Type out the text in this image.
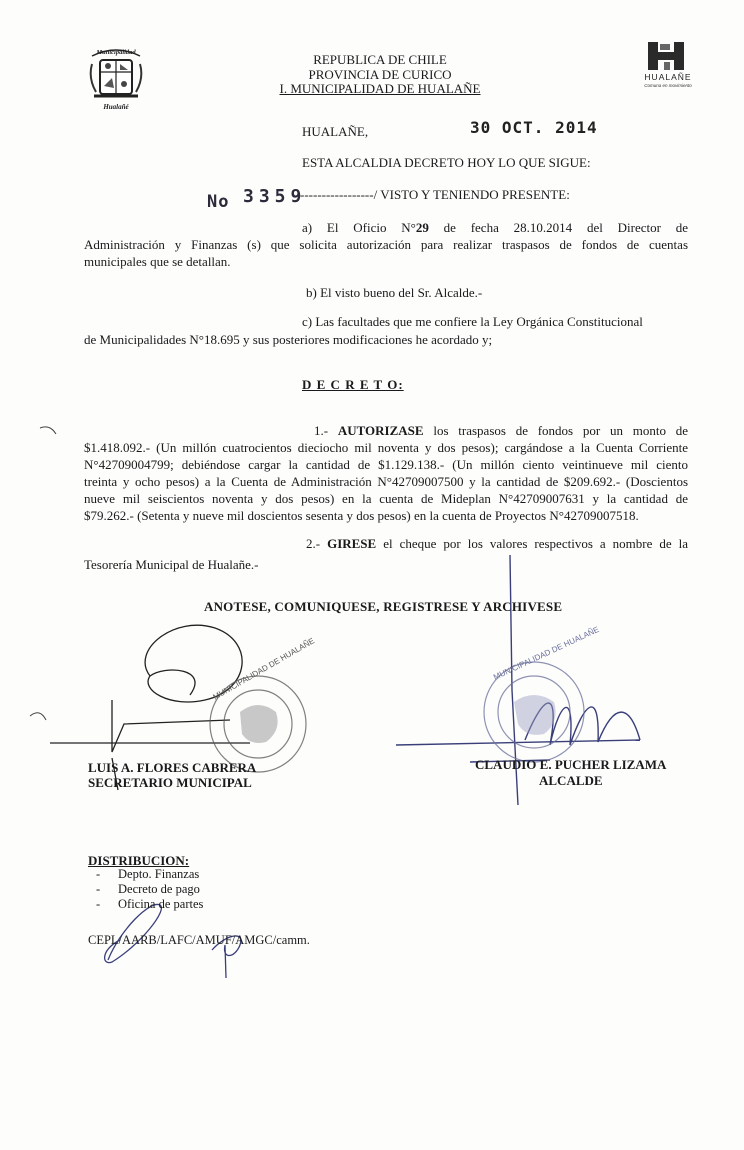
Municipalidad
Hualañé
REPUBLICA DE CHILE
PROVINCIA DE CURICO
I. MUNICIPALIDAD DE HUALAÑE
HUALAÑE
Comuna en movimiento
HUALAÑE,	30 OCT. 2014
ESTA ALCALDIA DECRETO HOY LO QUE SIGUE:
No 3359
-----------------/ VISTO Y TENIENDO PRESENTE:
a) El Oficio N°29 de fecha 28.10.2014 del Director de
Administración y Finanzas (s) que solicita autorización para realizar traspasos de fondos de cuentas
municipales que se detallan.
b) El visto bueno del Sr. Alcalde.-
c) Las facultades que me confiere la Ley Orgánica Constitucional
de Municipalidades N°18.695 y sus posteriores modificaciones he acordado y;
D E C R E T O:
1.- AUTORIZASE los traspasos de fondos por un monto de
$1.418.092.- (Un millón cuatrocientos dieciocho mil noventa y dos pesos); cargándose a la Cuenta Corriente
N°42709004799; debiéndose cargar la cantidad de $1.129.138.- (Un millón ciento veintinueve mil ciento
treinta y ocho pesos) a la Cuenta de Administración N°42709007500 y la cantidad de $209.692.- (Doscientos
nueve mil seiscientos noventa y dos pesos) en la cuenta de Mideplan N°42709007631 y la cantidad de
$79.262.- (Setenta y nueve mil doscientos sesenta y dos pesos) en la cuenta de Proyectos N°42709007518.
2.- GIRESE el cheque por los valores respectivos a nombre de la
Tesorería Municipal de Hualañe.-
ANOTESE, COMUNIQUESE, REGISTRESE Y ARCHIVESE
MUNICIPALIDAD DE HUALAÑE	MUNICIPALIDAD DE HUALAÑE
LUIS A. FLORES CABRERA
SECRETARIO MUNICIPAL
CLAUDIO E. PUCHER LIZAMA
ALCALDE
DISTRIBUCION:
- Depto. Finanzas
- Decreto de pago
- Oficina de partes
CEPL/AARB/LAFC/AMUF/AMGC/camm.
